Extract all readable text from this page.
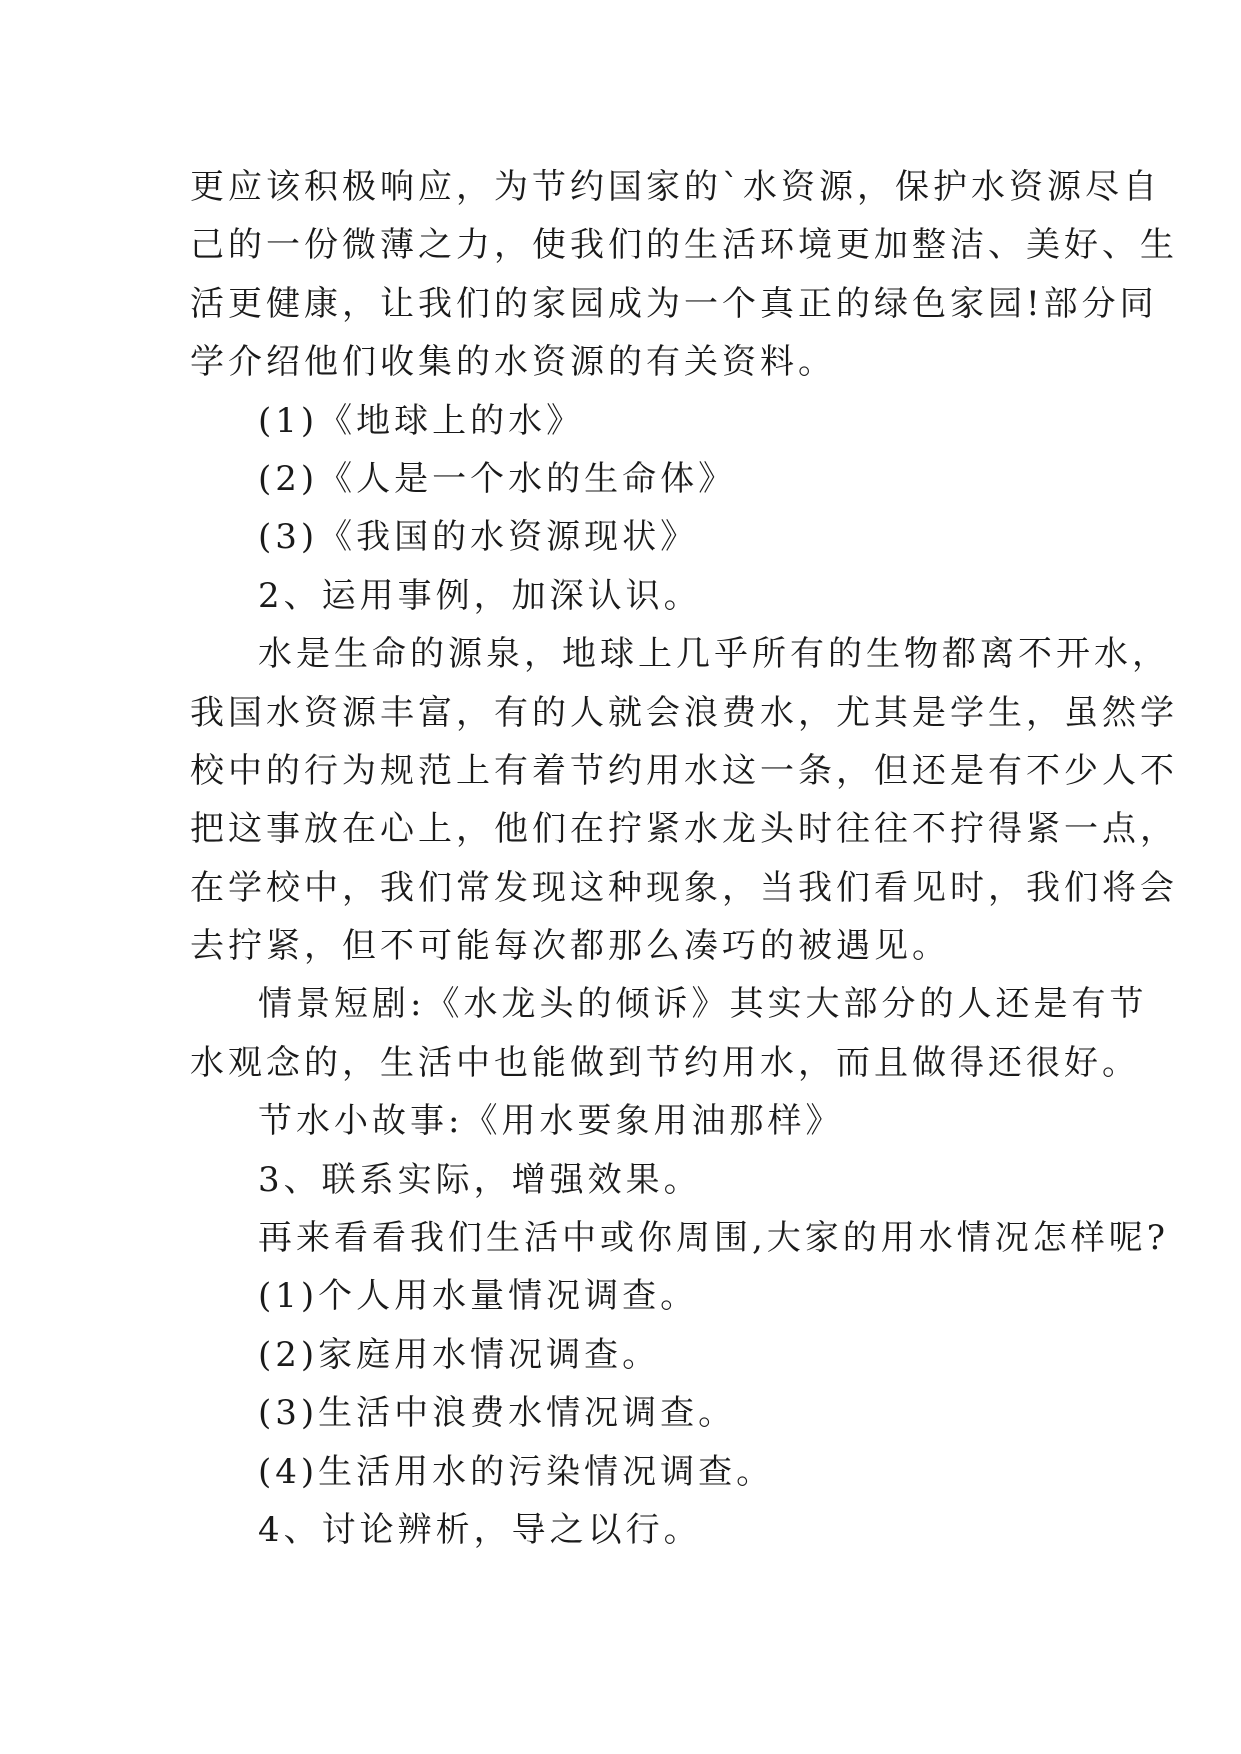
更应该积极响应，为节约国家的`水资源，保护水资源尽自

己的一份微薄之力，使我们的生活环境更加整洁、美好、生

活更健康，让我们的家园成为一个真正的绿色家园!部分同

学介绍他们收集的水资源的有关资料。

(1)《地球上的水》

(2)《人是一个水的生命体》

(3)《我国的水资源现状》

2、运用事例，加深认识。

水是生命的源泉，地球上几乎所有的生物都离不开水，

我国水资源丰富，有的人就会浪费水，尤其是学生，虽然学

校中的行为规范上有着节约用水这一条，但还是有不少人不

把这事放在心上，他们在拧紧水龙头时往往不拧得紧一点，

在学校中，我们常发现这种现象，当我们看见时，我们将会

去拧紧，但不可能每次都那么凑巧的被遇见。

情景短剧:《水龙头的倾诉》其实大部分的人还是有节

水观念的，生活中也能做到节约用水，而且做得还很好。

节水小故事:《用水要象用油那样》

3、联系实际，增强效果。

再来看看我们生活中或你周围,大家的用水情况怎样呢?

(1)个人用水量情况调查。

(2)家庭用水情况调查。

(3)生活中浪费水情况调查。

(4)生活用水的污染情况调查。

4、讨论辨析，导之以行。
